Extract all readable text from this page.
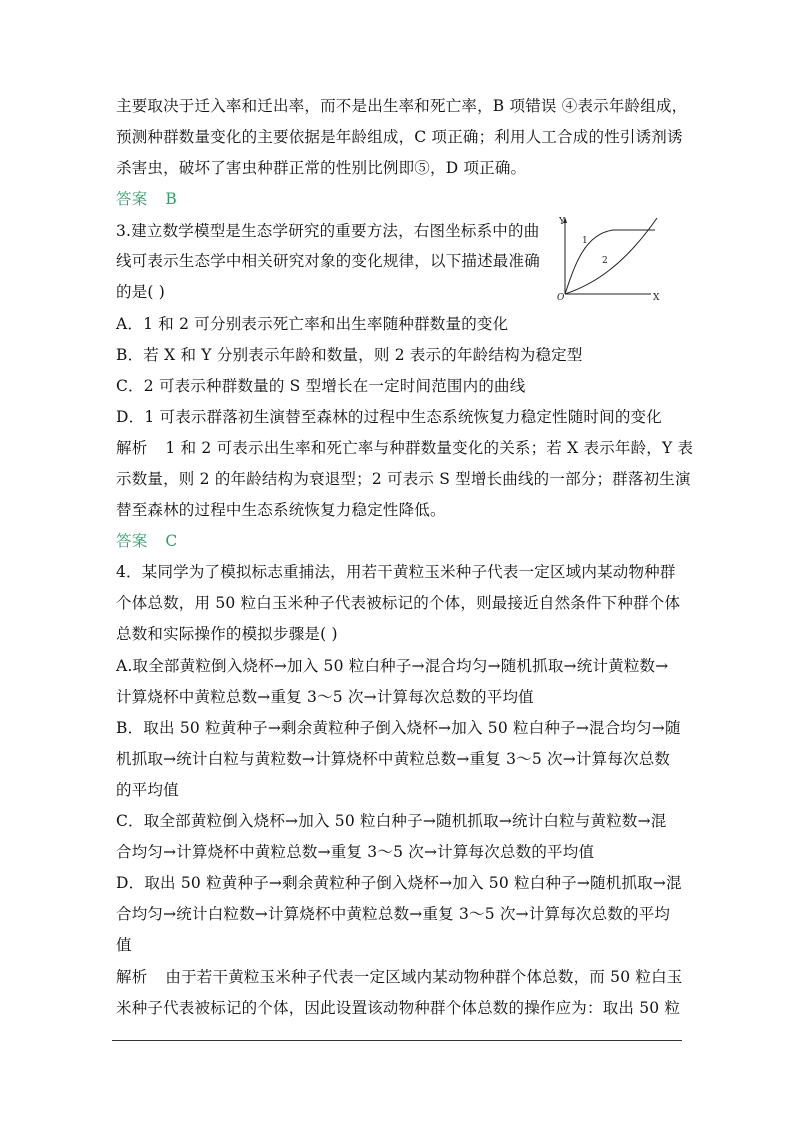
主要取决于迁入率和迁出率，而不是出生率和死亡率，B 项错误 ④表示年龄组成，
预测种群数量变化的主要依据是年龄组成，C 项正确；利用人工合成的性引诱剂诱
杀害虫，破坏了害虫种群正常的性别比例即⑤，D 项正确。
答案 B
3.建立数学模型是生态学研究的重要方法，右图坐标系中的曲
线可表示生态学中相关研究对象的变化规律，以下描述最准确
的是( )
Y
X
O
1
2
A．1 和 2 可分别表示死亡率和出生率随种群数量的变化
B．若 X 和 Y 分别表示年龄和数量，则 2 表示的年龄结构为稳定型
C．2 可表示种群数量的 S 型增长在一定时间范围内的曲线
D．1 可表示群落初生演替至森林的过程中生态系统恢复力稳定性随时间的变化
解析 1 和 2 可表示出生率和死亡率与种群数量变化的关系；若 X 表示年龄，Y 表
示数量，则 2 的年龄结构为衰退型；2 可表示 S 型增长曲线的一部分；群落初生演
替至森林的过程中生态系统恢复力稳定性降低。
答案 C
4．某同学为了模拟标志重捕法，用若干黄粒玉米种子代表一定区域内某动物种群
个体总数，用 50 粒白玉米种子代表被标记的个体，则最接近自然条件下种群个体
总数和实际操作的模拟步骤是( )
A.取全部黄粒倒入烧杯→加入 50 粒白种子→混合均匀→随机抓取→统计黄粒数→
计算烧杯中黄粒总数→重复 3～5 次→计算每次总数的平均值
B．取出 50 粒黄种子→剩余黄粒种子倒入烧杯→加入 50 粒白种子→混合均匀→随
机抓取→统计白粒与黄粒数→计算烧杯中黄粒总数→重复 3～5 次→计算每次总数
的平均值
C．取全部黄粒倒入烧杯→加入 50 粒白种子→随机抓取→统计白粒与黄粒数→混
合均匀→计算烧杯中黄粒总数→重复 3～5 次→计算每次总数的平均值
D．取出 50 粒黄种子→剩余黄粒种子倒入烧杯→加入 50 粒白种子→随机抓取→混
合均匀→统计白粒数→计算烧杯中黄粒总数→重复 3～5 次→计算每次总数的平均
值
解析 由于若干黄粒玉米种子代表一定区域内某动物种群个体总数，而 50 粒白玉
米种子代表被标记的个体，因此设置该动物种群个体总数的操作应为：取出 50 粒
